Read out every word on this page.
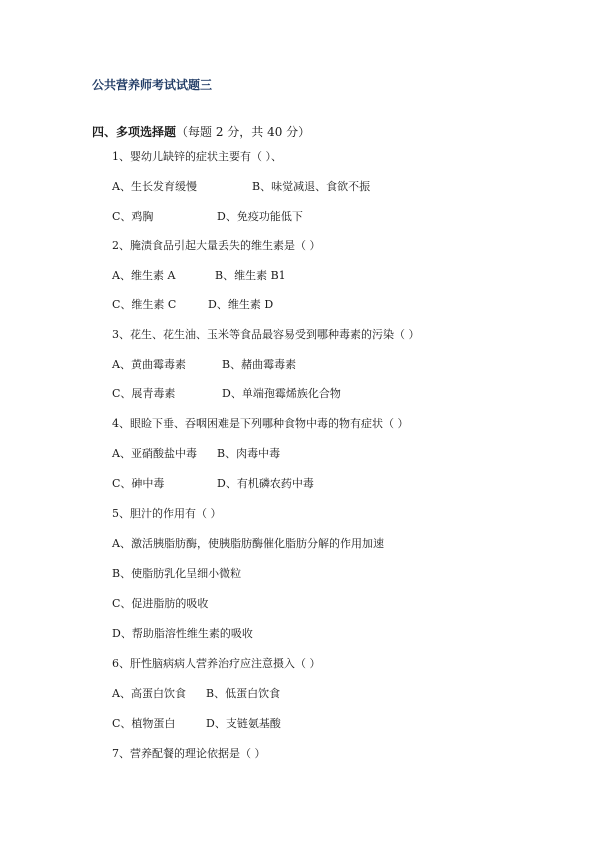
公共营养师考试试题三
四、多项选择题（每题 2 分，共 40 分）
1、婴幼儿缺锌的症状主要有（ ）、
A、生长发育缓慢	B、味觉减退、食欲不振
C、鸡胸	D、免疫功能低下
2、腌渍食品引起大量丢失的维生素是（ ）
A、维生素 A	B、维生素 B1
C、维生素 C	D、维生素 D
3、花生、花生油、玉米等食品最容易受到哪种毒素的污染（ ）
A、黄曲霉毒素	B、赭曲霉毒素
C、展青毒素	D、单端孢霉烯族化合物
4、眼睑下垂、吞咽困难是下列哪种食物中毒的物有症状（ ）
A、亚硝酸盐中毒 B、肉毒中毒
C、砷中毒	D、有机磷农药中毒
5、胆汁的作用有（ ）
A、激活胰脂肪酶，使胰脂肪酶催化脂肪分解的作用加速
B、使脂肪乳化呈细小微粒
C、促进脂肪的吸收
D、帮助脂溶性维生素的吸收
6、肝性脑病病人营养治疗应注意摄入（ ）
A、高蛋白饮食 B、低蛋白饮食
C、植物蛋白	D、支链氨基酸
7、营养配餐的理论依据是（ ）
